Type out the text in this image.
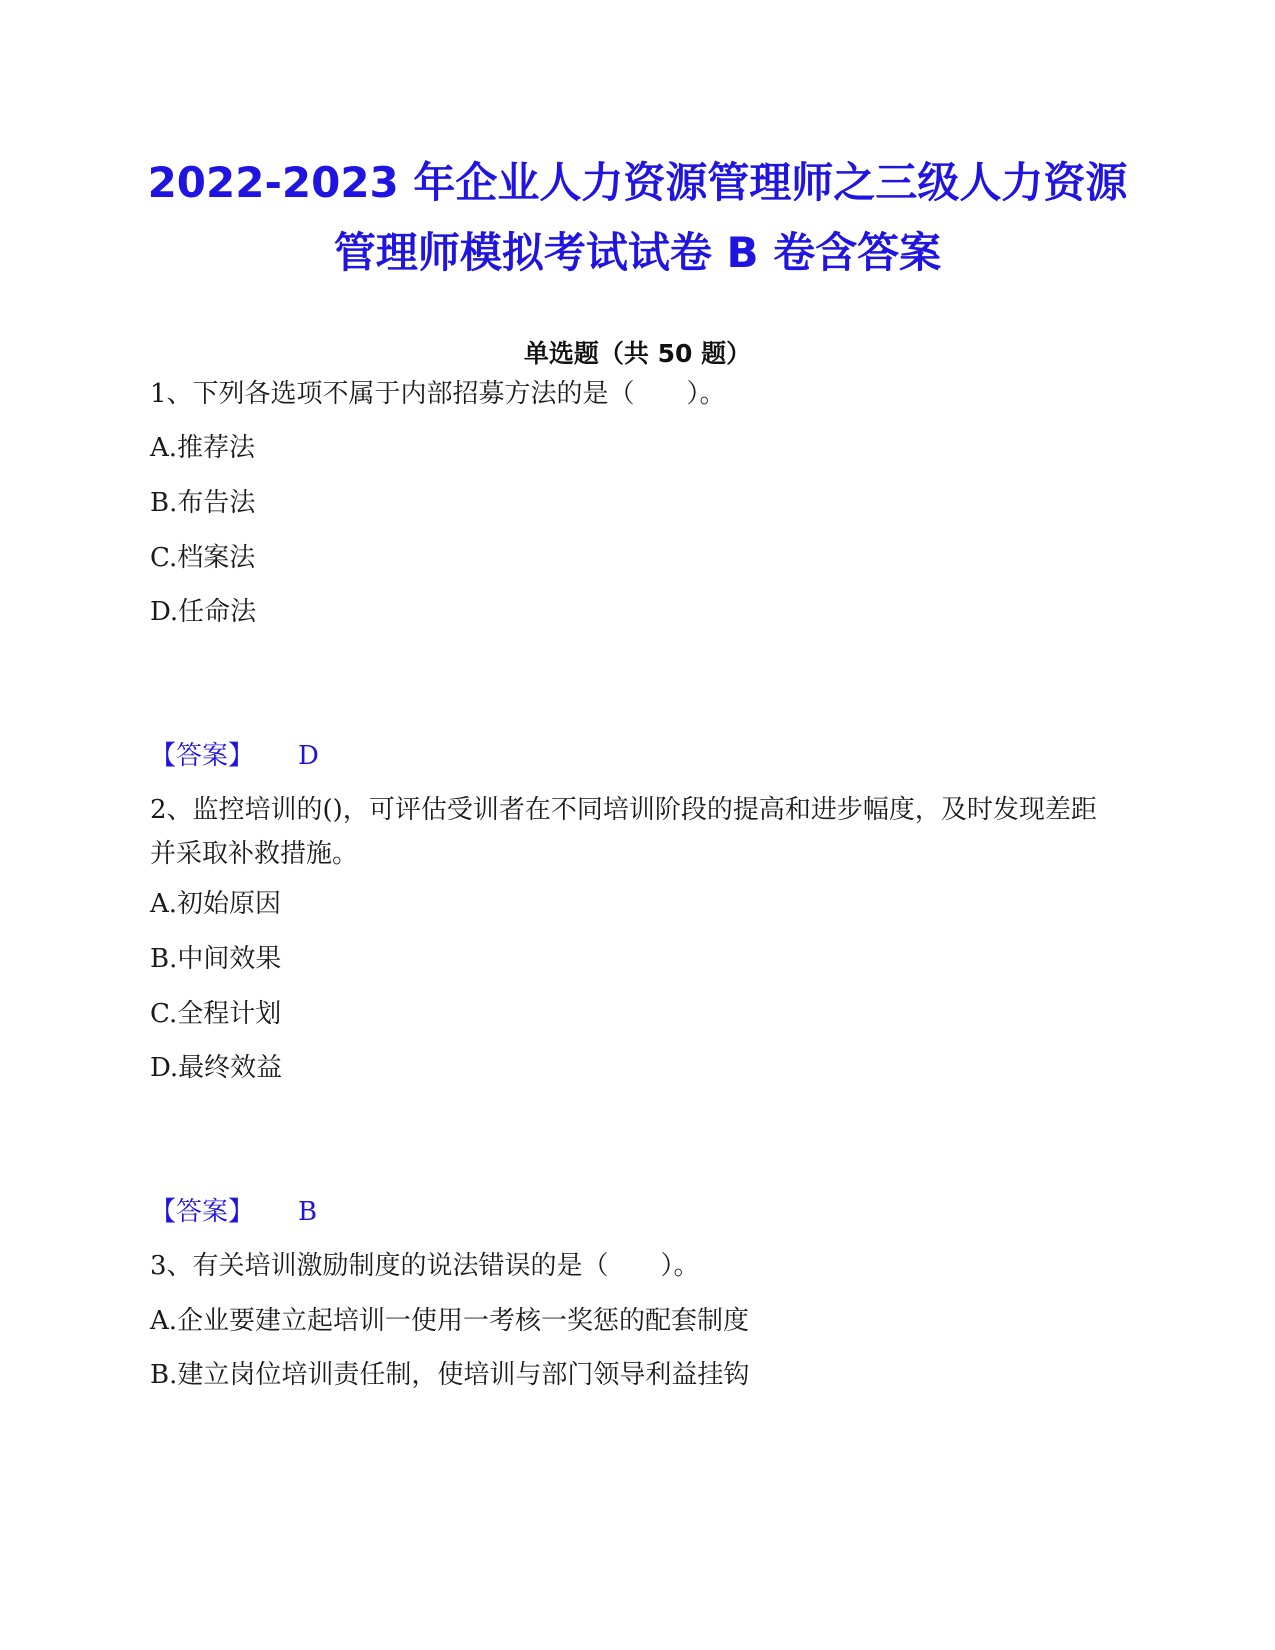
2022-2023 年企业人力资源管理师之三级人力资源管理师模拟考试试卷 B 卷含答案
单选题（共 50 题）
1、下列各选项不属于内部招募方法的是（　　）。
A.推荐法
B.布告法
C.档案法
D.任命法
【答案】 D
2、监控培训的()，可评估受训者在不同培训阶段的提高和进步幅度，及时发现差距并采取补救措施。
A.初始原因
B.中间效果
C.全程计划
D.最终效益
【答案】 B
3、有关培训激励制度的说法错误的是（　　）。
A.企业要建立起培训一使用一考核一奖惩的配套制度
B.建立岗位培训责任制，使培训与部门领导利益挂钩
